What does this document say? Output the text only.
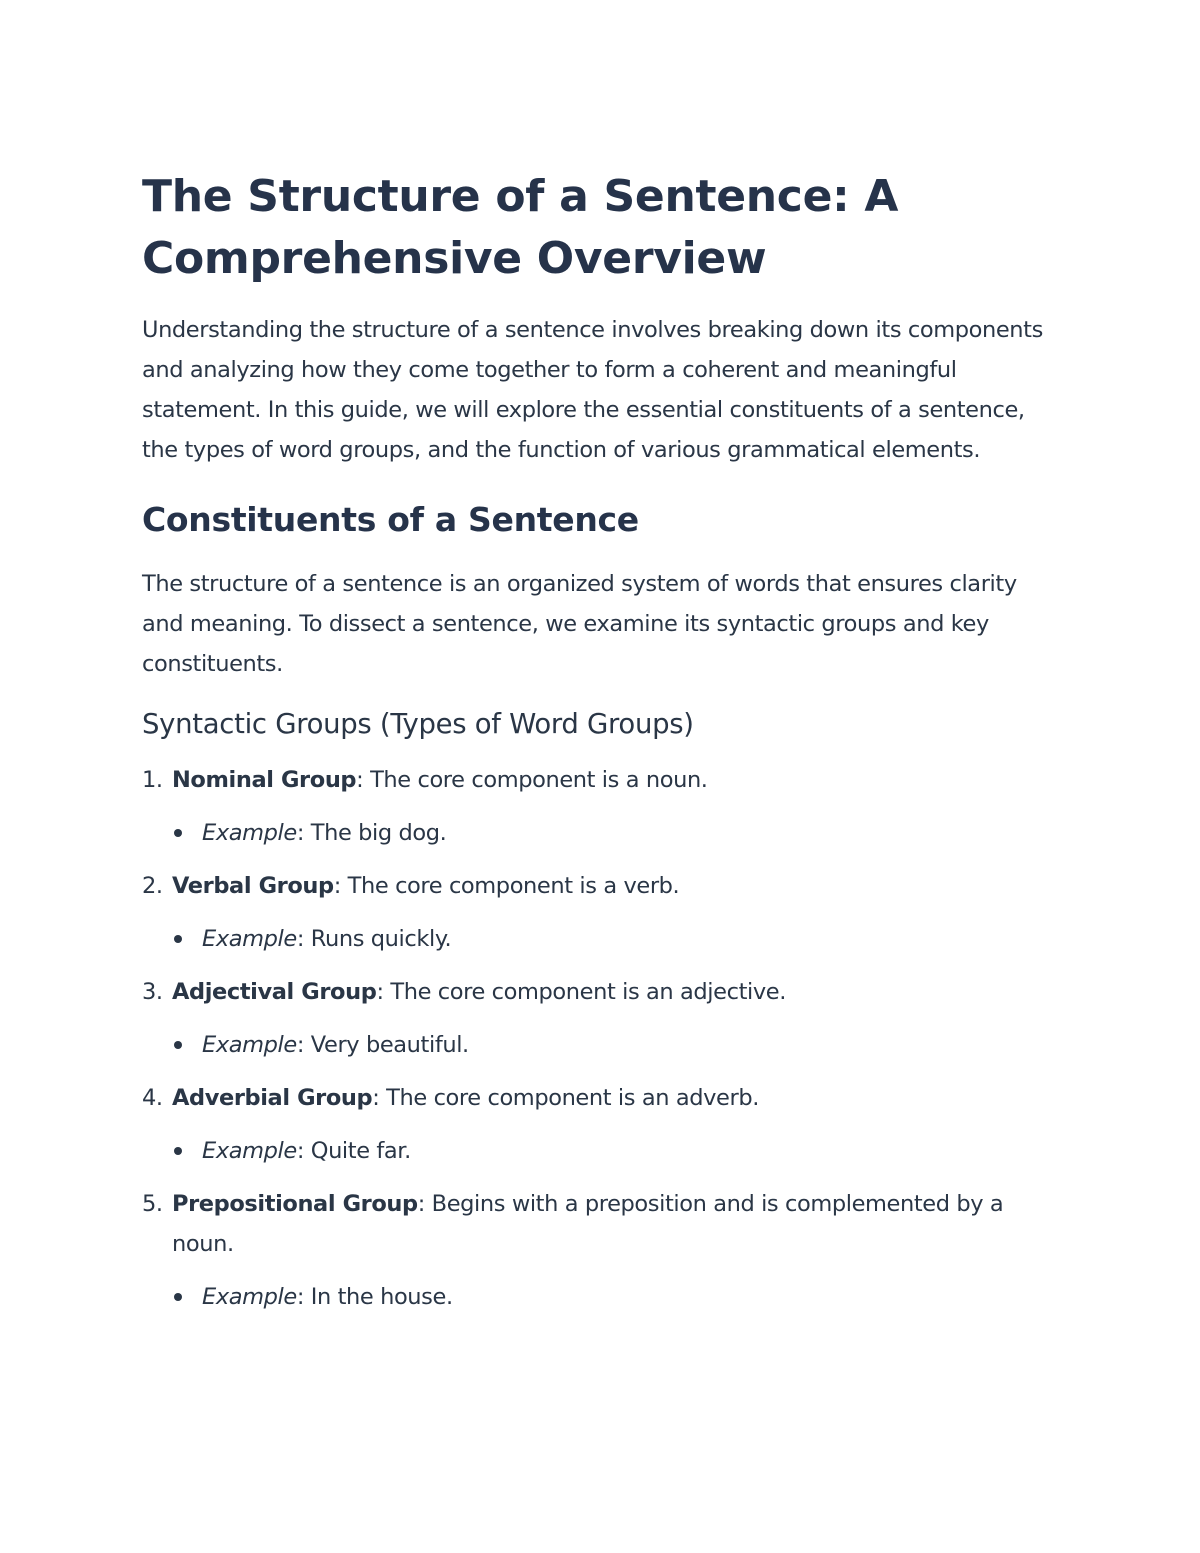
The Structure of a Sentence: A Comprehensive Overview

Understanding the structure of a sentence involves breaking down its components and analyzing how they come together to form a coherent and meaningful statement. In this guide, we will explore the essential constituents of a sentence, the types of word groups, and the function of various grammatical elements.

Constituents of a Sentence

The structure of a sentence is an organized system of words that ensures clarity and meaning. To dissect a sentence, we examine its syntactic groups and key constituents.

Syntactic Groups (Types of Word Groups)
1. Nominal Group: The core component is a noun.
Example: The big dog.
2. Verbal Group: The core component is a verb.
Example: Runs quickly.
3. Adjectival Group: The core component is an adjective.
Example: Very beautiful.
4. Adverbial Group: The core component is an adverb.
Example: Quite far.
5. Prepositional Group: Begins with a preposition and is complemented by a noun.
Example: In the house.
